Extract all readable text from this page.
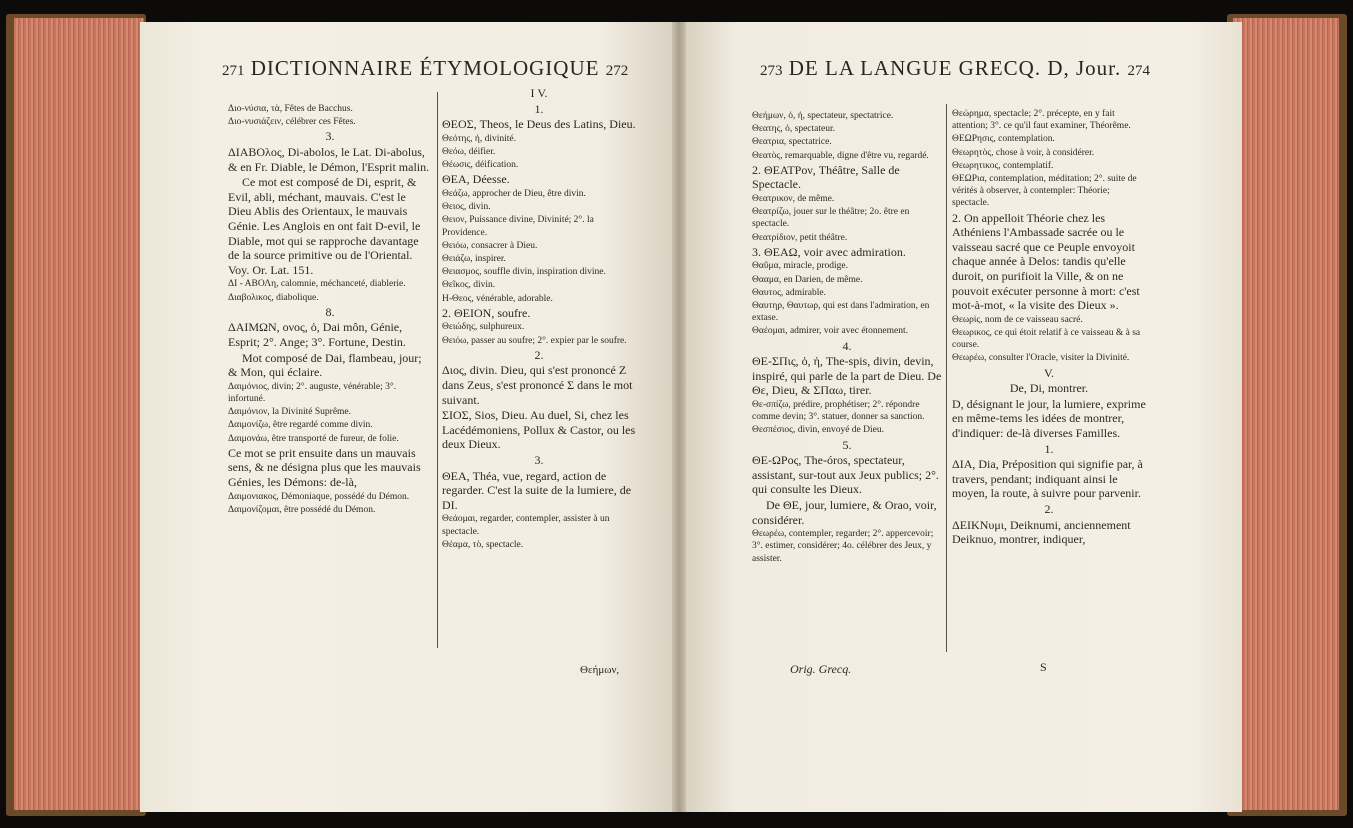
271 DICTIONNAIRE ÉTYMOLOGIQUE 272	273 DE LA LANGUE GRECQ. D, Jour. 274

Διο-νύσια, τὰ, Fêtes de Bacchus.

Διο-νυσιάζειν, célébrer ces Fêtes.

3.

ΔΙΑΒΟλος, Di-abolos, le Lat. Di-abolus, & en Fr. Diable, le Démon, l'Esprit malin.

Ce mot est composé de Di, esprit, & Evil, abli, méchant, mauvais. C'est le Dieu Ablis des Orientaux, le mauvais Génie. Les Anglois en ont fait D-evil, le Diable, mot qui se rapproche davantage de la source primitive ou de l'Oriental. Voy. Or. Lat. 151.

ΔΙ - ΑΒΟΛη, calomnie, méchanceté, diablerie.

Διαβολικος, diabolique.

8.

ΔΑΙΜΩΝ, ονος, ὁ, Dai môn, Génie, Esprit; 2°. Ange; 3°. Fortune, Destin.

Mot composé de Dai, flambeau, jour; & Mon, qui éclaire.

Δαιμόνιος, divin; 2°. auguste, vénérable; 3°. infortuné.

Δαιμόνιον, la Divinité Suprême.

Δαιμονίζω, être regardé comme divin.

Δαιμονάω, être transporté de fureur, de folie.

Ce mot se prit ensuite dans un mauvais sens, & ne désigna plus que les mauvais Génies, les Démons: de-là,

Δαιμονιακος, Démoniaque, possédé du Démon.

Δαιμονίζομαι, être possédé du Démon.

I V.

1.

ΘΕΟΣ, Theos, le Deus des Latins, Dieu.

Θεότης, ἡ, divinité.

Θεόω, déifier.

Θέωσις, déification.

ΘΕΑ, Déesse.

Θεάζω, approcher de Dieu, être divin.

Θειος, divin.

Θειον, Puissance divine, Divinité; 2°. la Providence.

Θειόω, consacrer à Dieu.

Θειάζω, inspirer.

Θειασμος, souffle divin, inspiration divine.

Θεῖκος, divin.

Η-Θεος, vénérable, adorable.

2. ΘΕΙΟΝ, soufre.

Θειώδης, sulphureux.

Θειόω, passer au soufre; 2°. expier par le soufre.

2.

Διος, divin. Dieu, qui s'est prononcé Z dans Zeus, s'est prononcé Σ dans le mot suivant.

ΣΙΟΣ, Sios, Dieu. Au duel, Si, chez les Lacédémoniens, Pollux & Castor, ou les deux Dieux.

3.

ΘΕΑ, Théa, vue, regard, action de regarder. C'est la suite de la lumiere, de DI.

Θεάομαι, regarder, contempler, assister à un spectacle.

Θέαμα, τὸ, spectacle.

Θεήμων,

Θεήμων, ὁ, ἡ, spectateur, spectatrice.

Θεατης, ὁ, spectateur.

Θεατρια, spectatrice.

Θεατὸς, remarquable, digne d'être vu, regardé.

2. ΘΕΑΤΡον, Théâtre, Salle de Spectacle.

Θεατρικον, de même.

Θεατρίζω, jouer sur le théâtre; 2o. être en spectacle.

Θεατρίδιον, petit théâtre.

3. ΘΕΑΩ, voir avec admiration.

Θαῦμα, miracle, prodige.

Θααμα, en Darien, de même.

Θαυτος, admirable.

Θαυτηρ, Θαυτωρ, qui est dans l'admiration, en extase.

Θαέομαι, admirer, voir avec étonnement.

4.

ΘΕ-ΣΠις, ὁ, ἡ, The-spis, divin, devin, inspiré, qui parle de la part de Dieu. De Θε, Dieu, & ΣΠαω, tirer.

Θε-σπίζω, prédire, prophétiser; 2°. répondre comme devin; 3°. statuer, donner sa sanction.

Θεσπέσιος, divin, envoyé de Dieu.

5.

ΘΕ-ΩΡος, The-óros, spectateur, assistant, sur-tout aux Jeux publics; 2°. qui consulte les Dieux.

De ΘΕ, jour, lumiere, & Orao, voir, considérer.

Θεωρέω, contempler, regarder; 2°. appercevoir; 3°. estimer, considérer; 4o. célébrer des Jeux, y assister.

Θεώρημα, spectacle; 2°. précepte, en y fait attention; 3°. ce qu'il faut examiner, Théorême.

ΘΕΩΡησις, contemplation.

Θεωρητὸς, chose à voir, à considérer.

Θεωρητικος, contemplatif.

ΘΕΩΡια, contemplation, méditation; 2°. suite de vérités à observer, à contempler: Théorie; spectacle.

2. On appelloit Théorie chez les Athéniens l'Ambassade sacrée ou le vaisseau sacré que ce Peuple envoyoit chaque année à Delos: tandis qu'elle duroit, on purifioit la Ville, & on ne pouvoit exécuter personne à mort: c'est mot-à-mot, « la visite des Dieux ».

Θεωρὶς, nom de ce vaisseau sacré.

Θεωρικος, ce qui étoit relatif à ce vaisseau & à sa course.

Θεωρέω, consulter l'Oracle, visiter la Divinité.

V.

De, Di, montrer.

D, désignant le jour, la lumiere, exprime en même-tems les idées de montrer, d'indiquer: de-là diverses Familles.

1.

ΔΙΑ, Dia, Préposition qui signifie par, à travers, pendant; indiquant ainsi le moyen, la route, à suivre pour parvenir.

2.

ΔΕΙΚΝυμι, Deiknumi, anciennement Deiknuo, montrer, indiquer,

Orig. Grecq.	S
